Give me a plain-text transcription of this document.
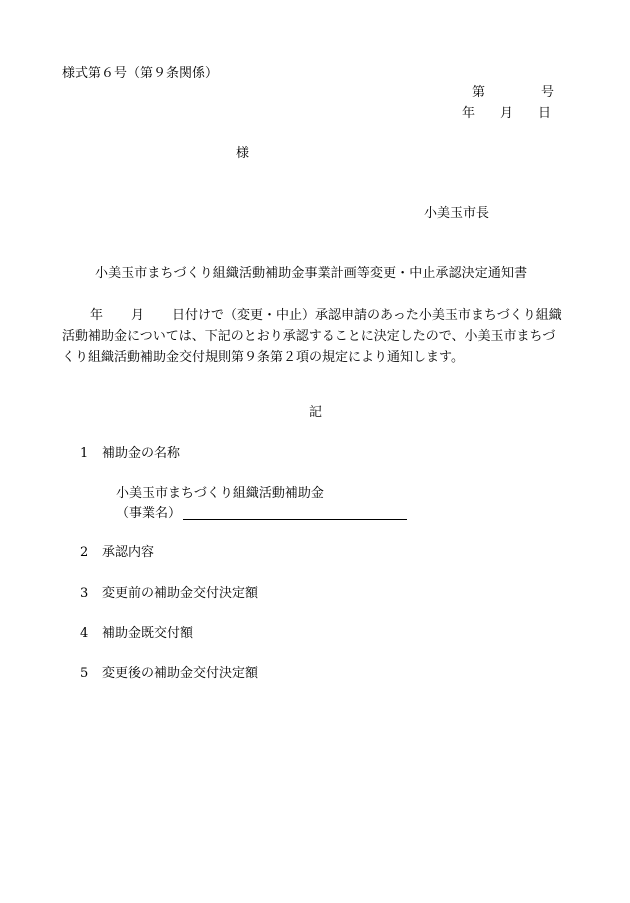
様式第６号（第９条関係）
第	号
年 月 日
様
小美玉市長
小美玉市まちづくり組織活動補助金事業計画等変更・中止承認決定通知書
年 月 日付けで（変更・中止）承認申請のあった小美玉市まちづくり組織
活動補助金については、下記のとおり承認することに決定したので、小美玉市まちづ
くり組織活動補助金交付規則第９条第２項の規定により通知します。
記
1 補助金の名称
小美玉市まちづくり組織活動補助金
（事業名）
2 承認内容
3 変更前の補助金交付決定額
4 補助金既交付額
5 変更後の補助金交付決定額
